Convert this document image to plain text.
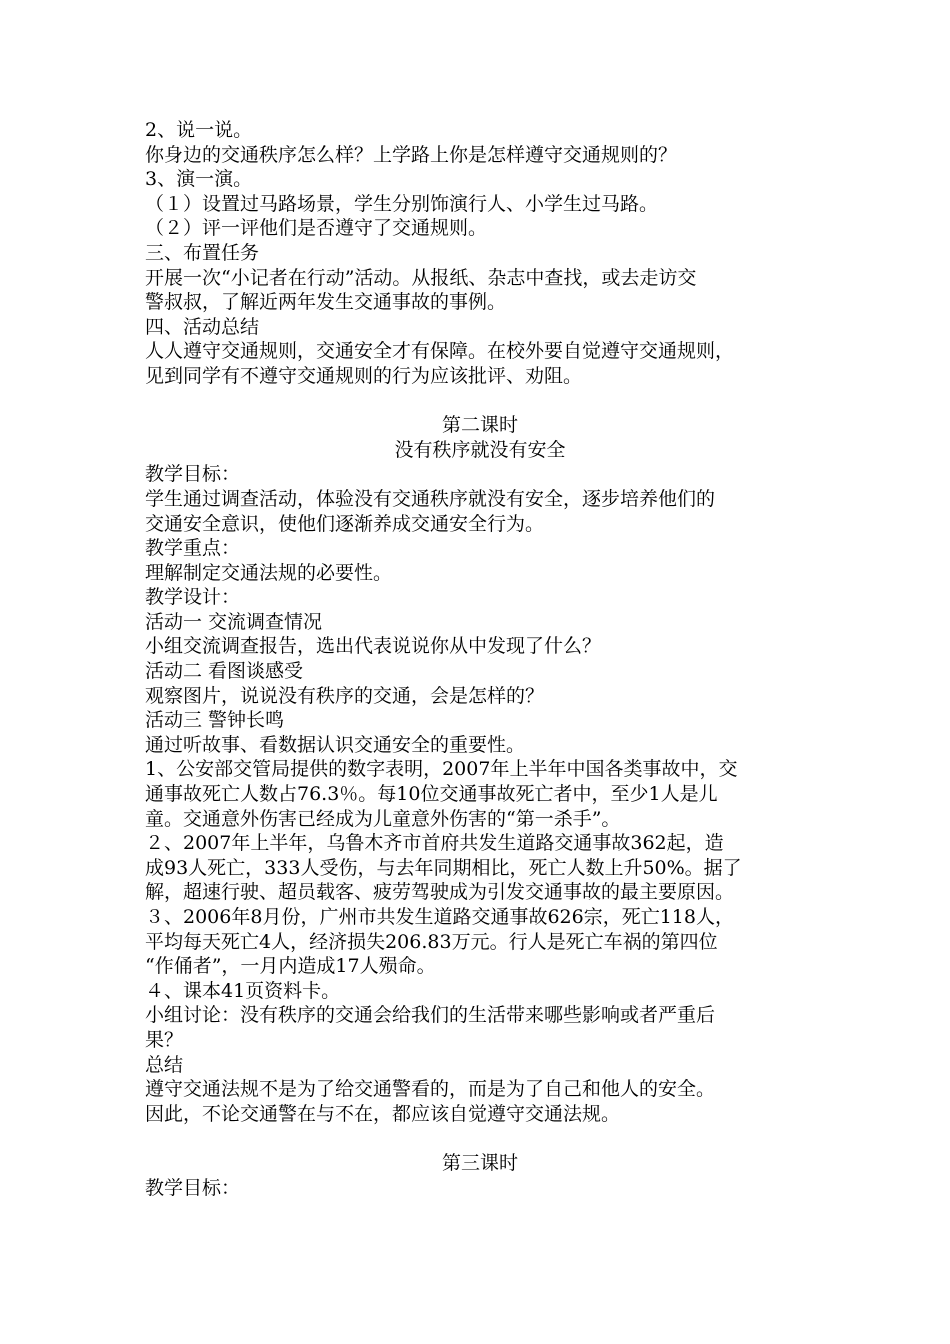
2、说一说。
你身边的交通秩序怎么样？上学路上你是怎样遵守交通规则的？
3、演一演。
（１）设置过马路场景，学生分别饰演行人、小学生过马路。
（２）评一评他们是否遵守了交通规则。
三、布置任务
开展一次“小记者在行动”活动。从报纸、杂志中查找，或去走访交
警叔叔，了解近两年发生交通事故的事例。
四、活动总结
人人遵守交通规则，交通安全才有保障。在校外要自觉遵守交通规则，
见到同学有不遵守交通规则的行为应该批评、劝阻。
第二课时
没有秩序就没有安全
教学目标：
学生通过调查活动，体验没有交通秩序就没有安全，逐步培养他们的
交通安全意识，使他们逐渐养成交通安全行为。
教学重点：
理解制定交通法规的必要性。
教学设计：
活动一 交流调查情况
小组交流调查报告，选出代表说说你从中发现了什么？
活动二 看图谈感受
观察图片，说说没有秩序的交通，会是怎样的？
活动三 警钟长鸣
通过听故事、看数据认识交通安全的重要性。
1、公安部交管局提供的数字表明，2007年上半年中国各类事故中，交
通事故死亡人数占76.3％。每10位交通事故死亡者中，至少1人是儿
童。交通意外伤害已经成为儿童意外伤害的“第一杀手”。
２、2007年上半年，乌鲁木齐市首府共发生道路交通事故362起，造
成93人死亡，333人受伤，与去年同期相比，死亡人数上升50%。据了
解，超速行驶、超员载客、疲劳驾驶成为引发交通事故的最主要原因。
３、2006年8月份，广州市共发生道路交通事故626宗，死亡118人，
平均每天死亡4人，经济损失206.83万元。行人是死亡车祸的第四位
“作俑者”，一月内造成17人殒命。
４、课本41页资料卡。
小组讨论：没有秩序的交通会给我们的生活带来哪些影响或者严重后
果？
总结
遵守交通法规不是为了给交通警看的，而是为了自己和他人的安全。
因此，不论交通警在与不在，都应该自觉遵守交通法规。
第三课时
教学目标：
